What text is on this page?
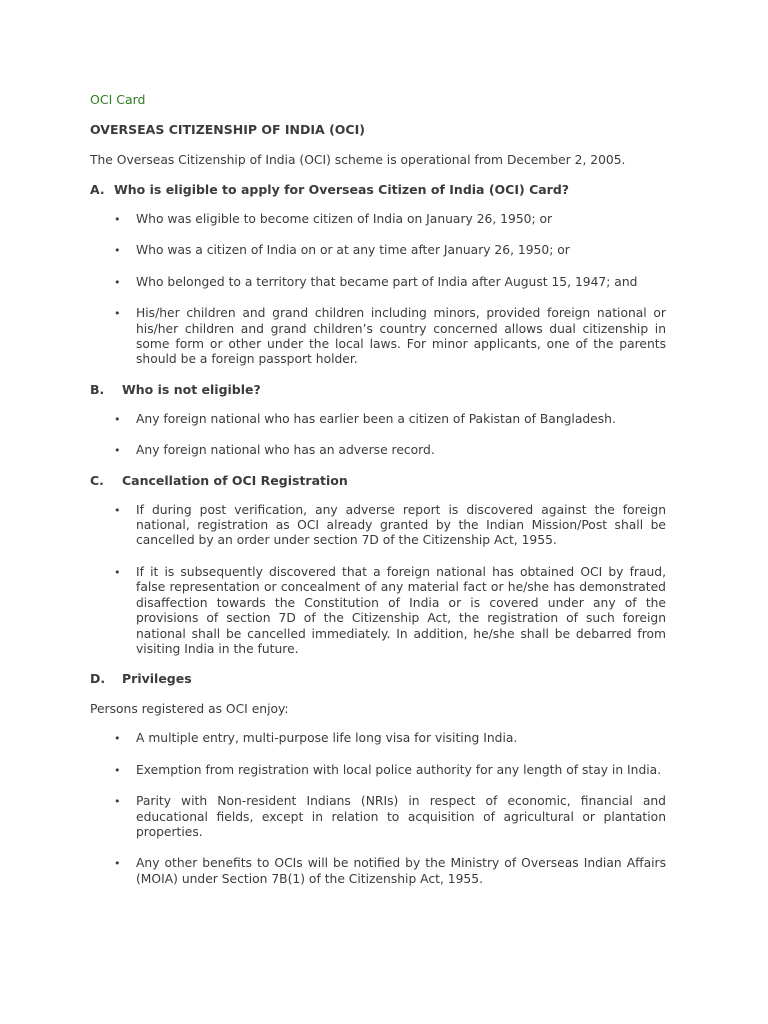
OCI Card
OVERSEAS CITIZENSHIP OF INDIA (OCI)
The Overseas Citizenship of India (OCI) scheme is operational from December 2, 2005.
A. Who is eligible to apply for Overseas Citizen of India (OCI) Card?
• Who was eligible to become citizen of India on January 26, 1950; or
• Who was a citizen of India on or at any time after January 26, 1950; or
• Who belonged to a territory that became part of India after August 15, 1947; and
• His/her children and grand children including minors, provided foreign national or his/her children and grand children’s country concerned allows dual citizenship in some form or other under the local laws. For minor applicants, one of the parents should be a foreign passport holder.
B.	Who is not eligible?
• Any foreign national who has earlier been a citizen of Pakistan of Bangladesh.
• Any foreign national who has an adverse record.
C.	Cancellation of OCI Registration
• If during post verification, any adverse report is discovered against the foreign national, registration as OCI already granted by the Indian Mission/Post shall be cancelled by an order under section 7D of the Citizenship Act, 1955.
• If it is subsequently discovered that a foreign national has obtained OCI by fraud, false representation or concealment of any material fact or he/she has demonstrated disaffection towards the Constitution of India or is covered under any of the provisions of section 7D of the Citizenship Act, the registration of such foreign national shall be cancelled immediately. In addition, he/she shall be debarred from visiting India in the future.
D.	Privileges
Persons registered as OCI enjoy:
• A multiple entry, multi-purpose life long visa for visiting India.
• Exemption from registration with local police authority for any length of stay in India.
• Parity with Non-resident Indians (NRIs) in respect of economic, financial and educational fields, except in relation to acquisition of agricultural or plantation properties.
• Any other benefits to OCIs will be notified by the Ministry of Overseas Indian Affairs (MOIA) under Section 7B(1) of the Citizenship Act, 1955.
